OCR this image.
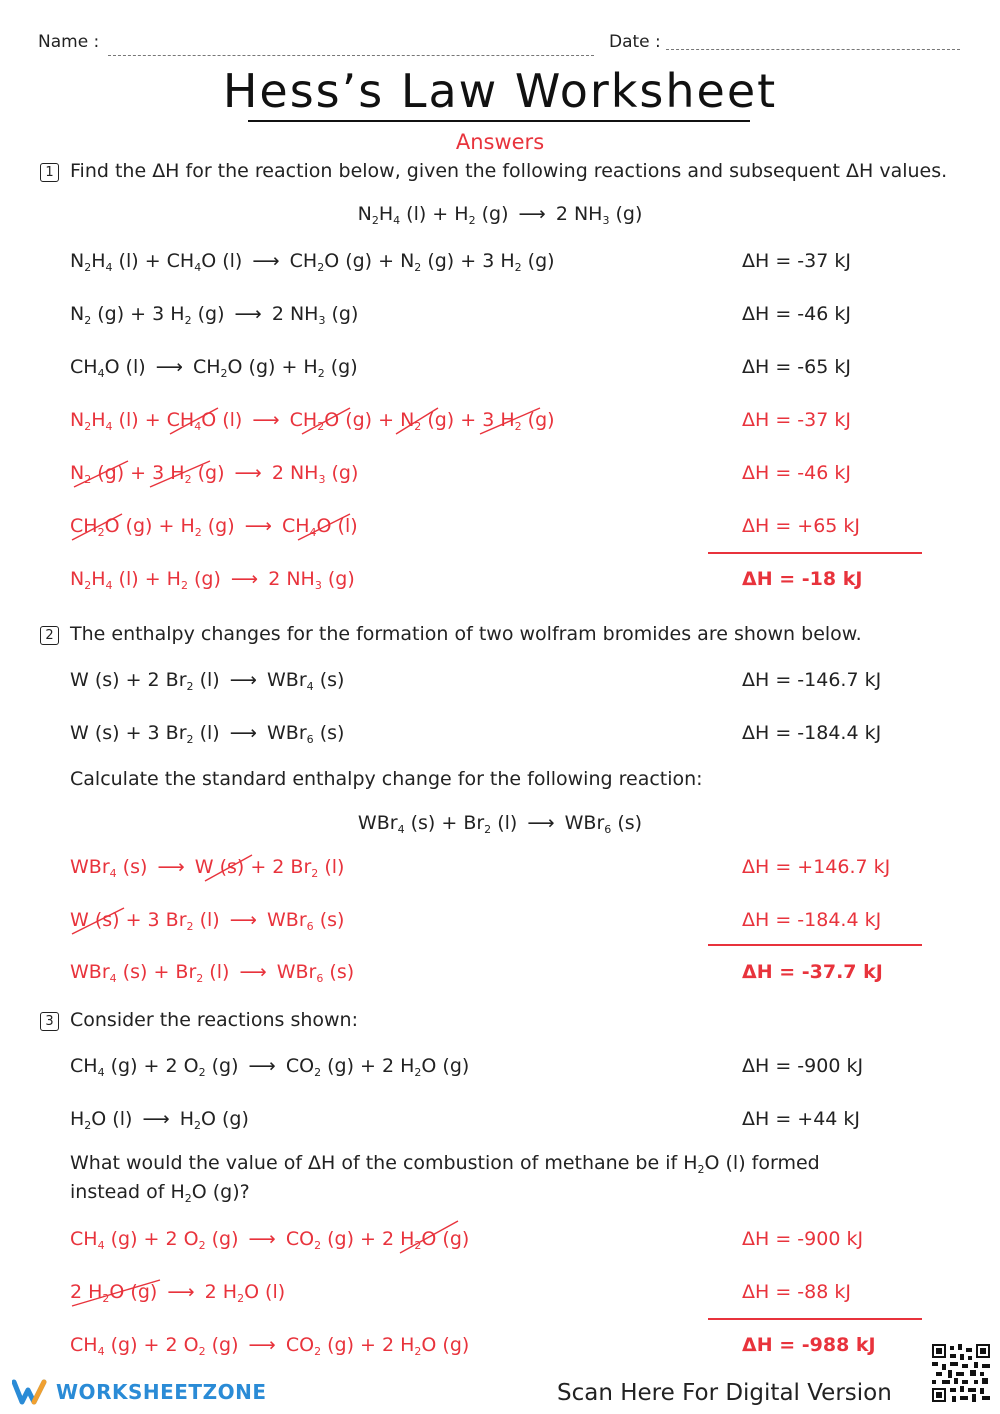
Name :	Date :
Hess’s Law Worksheet
Answers
1 Find the ΔH for the reaction below, given the following reactions and subsequent ΔH values.
$N_2H_4$ $(l) + H_2$ (g) ⟶ 2 $NH_3$ (g)
$N_2H_4$ $(l) + CH_4O$ (l) ⟶ $CH_2O$ $(g) + N_2$ (g) + 3 $H_2$ (g)	ΔH = -37 kJ
$N_2$ (g) + 3 $H_2$ (g) ⟶ 2 $NH_3$ (g)	ΔH = -46 kJ
$CH_4O$ (l) ⟶ $CH_2O$ $(g) + H_2$ (g)	ΔH = -65 kJ
$N_2H_4$ $(l) + CH_4O$ (l) ⟶ $CH_2O$ $(g) + N_2$ (g) + 3 $H_2$ (g)	ΔH = -37 kJ
$N_2$ (g) + 3 $H_2$ (g) ⟶ 2 $NH_3$ (g)	ΔH = -46 kJ
$CH_2O$ $(g) + H_2$ (g) ⟶ $CH_4O$ (l)	ΔH = +65 kJ
$N_2H_4$ $(l) + H_2$ (g) ⟶ 2 $NH_3$ (g)	ΔH = -18 kJ
2 The enthalpy changes for the formation of two wolfram bromides are shown below.
W (s) + 2 $Br_2$ (l) ⟶ WBr$_4$ (s)	ΔH = -146.7 kJ
W (s) + 3 $Br_2$ (l) ⟶ WBr$_6$ (s)	ΔH = -184.4 kJ
Calculate the standard enthalpy change for the following reaction:
WBr$_4$ $(s) + Br_2$ (l) ⟶ WBr$_6$ (s)
WBr$_4$ (s) ⟶ W (s) + 2 $Br_2$ (l)	ΔH = +146.7 kJ
W (s) + 3 $Br_2$ (l) ⟶ WBr$_6$ (s)	ΔH = -184.4 kJ
WBr$_4$ $(s) + Br_2$ (l) ⟶ WBr$_6$ (s)	ΔH = -37.7 kJ
3 Consider the reactions shown:
$CH_4$ (g) + 2 $O_2$ (g) ⟶ $CO_2$ (g) + 2 $H_2O$ (g)	ΔH = -900 kJ
$H_2O$ (l) ⟶ $H_2O$ (g)	ΔH = +44 kJ
What would the value of ΔH of the combustion of methane be if $H_2O$ (l) formed
instead of $H_2O$ (g)?
$CH_4$ (g) + 2 $O_2$ (g) ⟶ $CO_2$ (g) + 2 $H_2O$ (g)	ΔH = -900 kJ
2 $H_2O$ (g) ⟶ 2 $H_2O$ (l)	ΔH = -88 kJ
$CH_4$ (g) + 2 $O_2$ (g) ⟶ $CO_2$ (g) + 2 $H_2O$ (g)	ΔH = -988 kJ
WORKSHEETZONE	Scan Here For Digital Version
